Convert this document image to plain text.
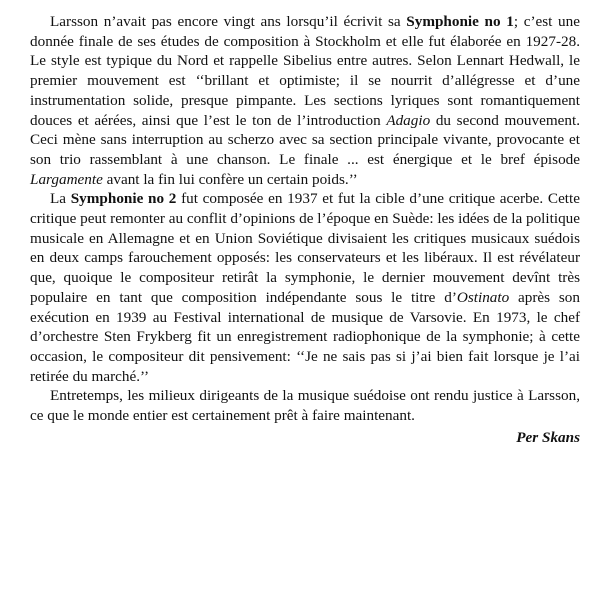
Larsson n’avait pas encore vingt ans lorsqu’il écrivit sa Symphonie no 1; c’est une donnée finale de ses études de composition à Stockholm et elle fut élaborée en 1927-28. Le style est typique du Nord et rappelle Sibelius entre autres. Selon Lennart Hedwall, le premier mouvement est ‘‘brillant et optimiste; il se nourrit d’allégresse et d’une instrumentation solide, presque pimpante. Les sections lyriques sont romantiquement douces et aérées, ainsi que l’est le ton de l’introduction Adagio du second mouvement. Ceci mène sans interruption au scherzo avec sa section principale vivante, provocante et son trio rassemblant à une chanson. Le finale ... est énergique et le bref épisode Largamente avant la fin lui confère un certain poids.’’

La Symphonie no 2 fut composée en 1937 et fut la cible d’une critique acerbe. Cette critique peut remonter au conflit d’opinions de l’époque en Suède: les idées de la politique musicale en Allemagne et en Union Soviétique divisaient les critiques musicaux suédois en deux camps farouchement opposés: les conservateurs et les libéraux. Il est révélateur que, quoique le compositeur retirât la symphonie, le dernier mouvement devînt très populaire en tant que composition indépendante sous le titre d’Ostinato après son exécution en 1939 au Festival international de musique de Varsovie. En 1973, le chef d’orchestre Sten Frykberg fit un enregistrement radiophonique de la symphonie; à cette occasion, le compositeur dit pensivement: ‘‘Je ne sais pas si j’ai bien fait lorsque je l’ai retirée du marché.’’

Entretemps, les milieux dirigeants de la musique suédoise ont rendu justice à Larsson, ce que le monde entier est certainement prêt à faire maintenant.

Per Skans
